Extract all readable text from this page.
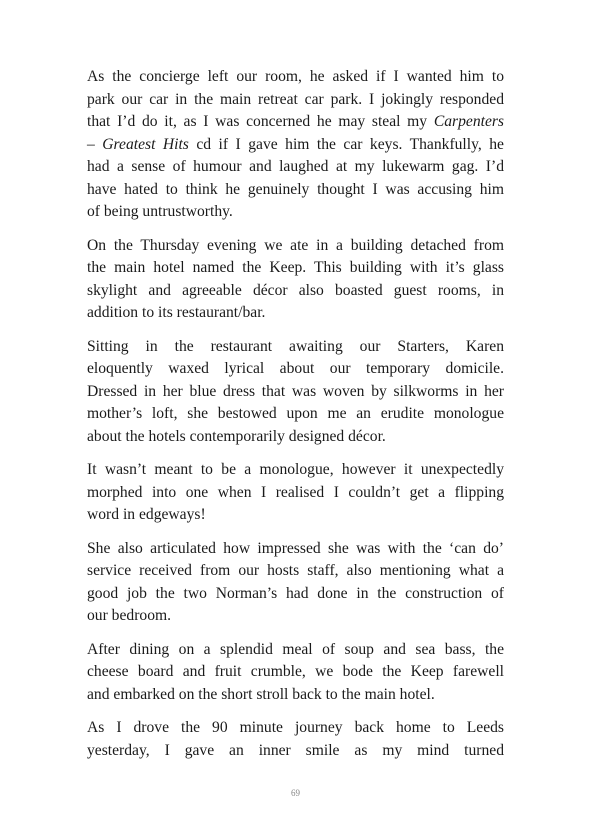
As the concierge left our room, he asked if I wanted him to
park our car in the main retreat car park. I jokingly responded
that I’d do it, as I was concerned he may steal my Carpenters
– Greatest Hits cd if I gave him the car keys. Thankfully, he
had a sense of humour and laughed at my lukewarm gag. I’d
have hated to think he genuinely thought I was accusing him
of being untrustworthy.

On the Thursday evening we ate in a building detached from
the main hotel named the Keep. This building with it’s glass
skylight and agreeable décor also boasted guest rooms, in
addition to its restaurant/bar.

Sitting in the restaurant awaiting our Starters, Karen
eloquently waxed lyrical about our temporary domicile.
Dressed in her blue dress that was woven by silkworms in her
mother’s loft, she bestowed upon me an erudite monologue
about the hotels contemporarily designed décor.

It wasn’t meant to be a monologue, however it unexpectedly
morphed into one when I realised I couldn’t get a flipping
word in edgeways!

She also articulated how impressed she was with the ‘can do’
service received from our hosts staff, also mentioning what a
good job the two Norman’s had done in the construction of
our bedroom.

After dining on a splendid meal of soup and sea bass, the
cheese board and fruit crumble, we bode the Keep farewell
and embarked on the short stroll back to the main hotel.

As I drove the 90 minute journey back home to Leeds
yesterday, I gave an inner smile as my mind turned

69
